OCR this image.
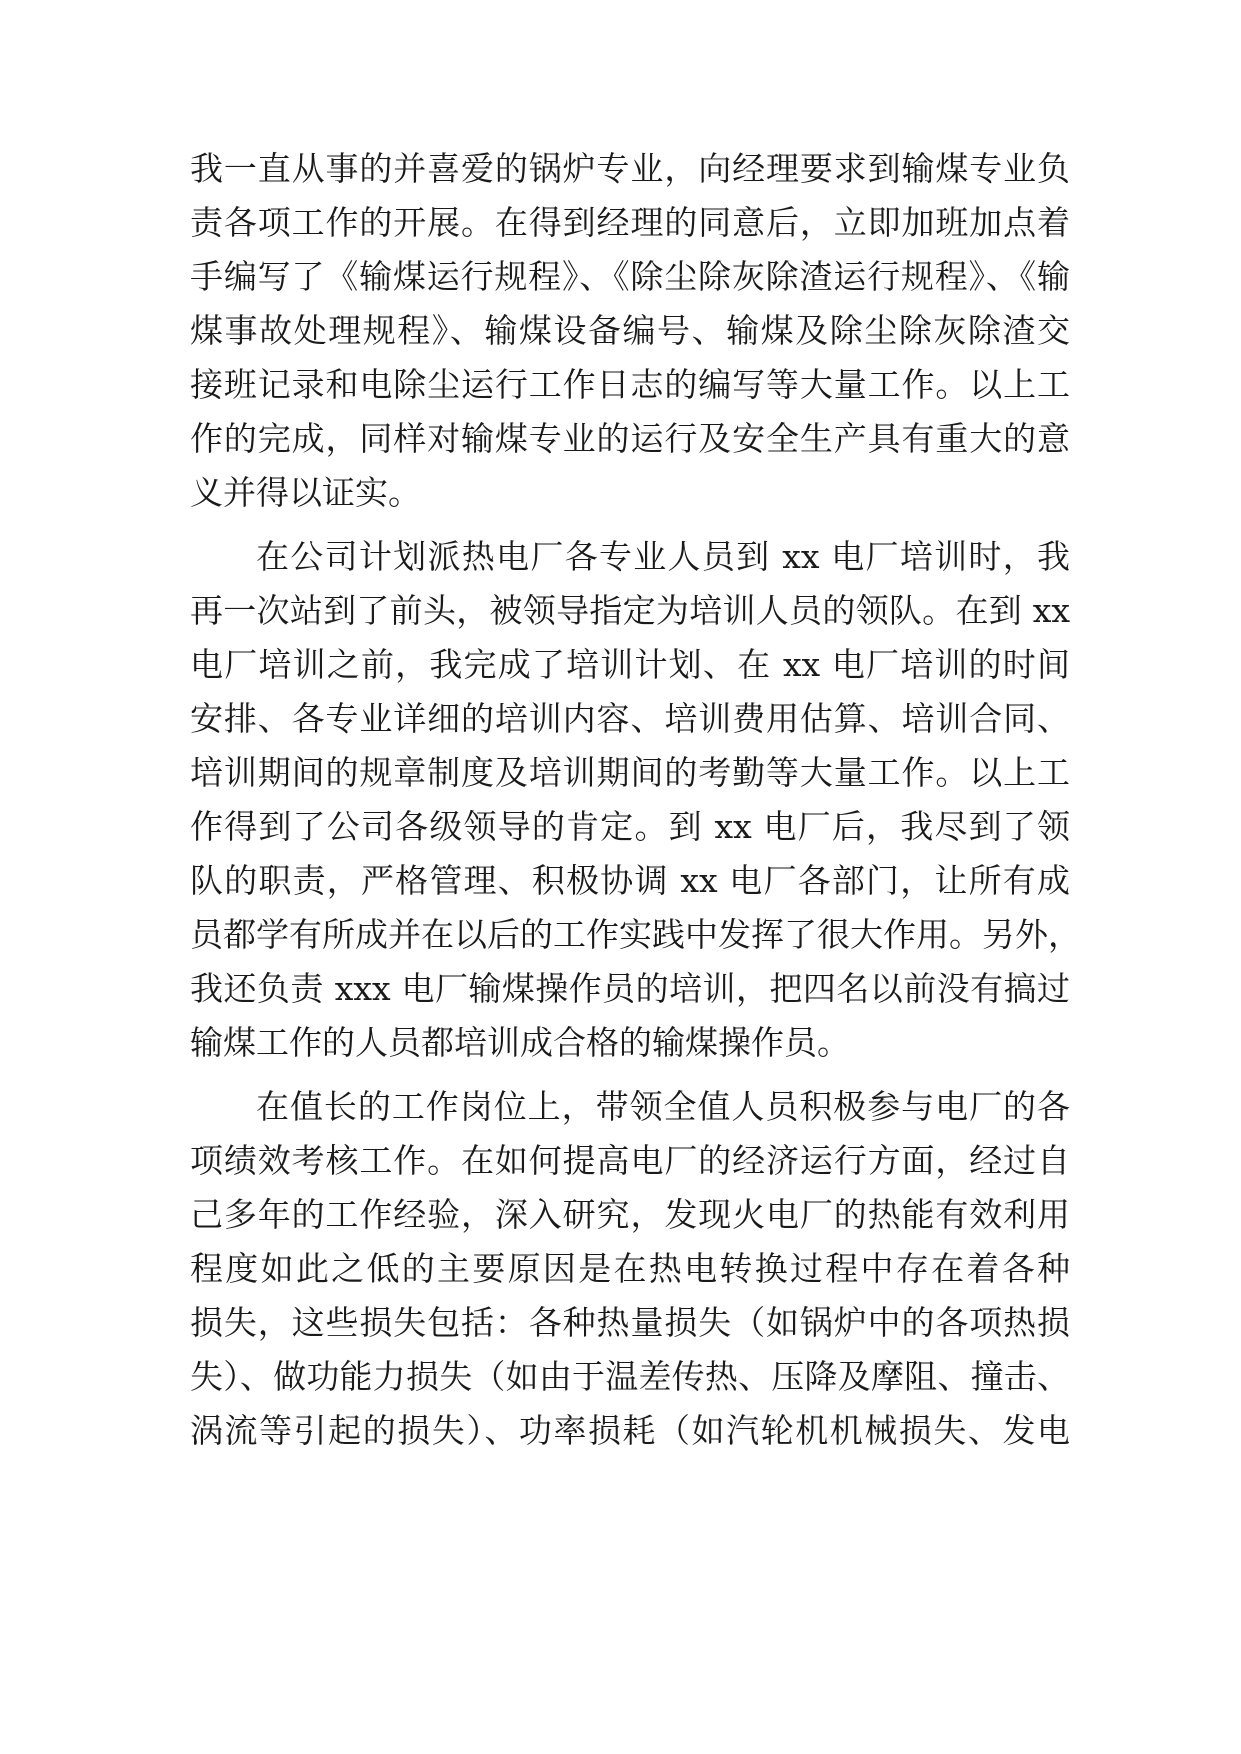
我一直从事的并喜爱的锅炉专业，向经理要求到输煤专业负
责各项工作的开展。在得到经理的同意后，立即加班加点着
手编写了《输煤运行规程》、《除尘除灰除渣运行规程》、《输
煤事故处理规程》、输煤设备编号、输煤及除尘除灰除渣交
接班记录和电除尘运行工作日志的编写等大量工作。以上工
作的完成，同样对输煤专业的运行及安全生产具有重大的意
义并得以证实。
在公司计划派热电厂各专业人员到 xx 电厂培训时，我
再一次站到了前头，被领导指定为培训人员的领队。在到 xx
电厂培训之前，我完成了培训计划、在 xx 电厂培训的时间
安排、各专业详细的培训内容、培训费用估算、培训合同、
培训期间的规章制度及培训期间的考勤等大量工作。以上工
作得到了公司各级领导的肯定。到 xx 电厂后，我尽到了领
队的职责，严格管理、积极协调 xx 电厂各部门，让所有成
员都学有所成并在以后的工作实践中发挥了很大作用。另外，
我还负责 xxx 电厂输煤操作员的培训，把四名以前没有搞过
输煤工作的人员都培训成合格的输煤操作员。
在值长的工作岗位上，带领全值人员积极参与电厂的各
项绩效考核工作。在如何提高电厂的经济运行方面，经过自
己多年的工作经验，深入研究，发现火电厂的热能有效利用
程度如此之低的主要原因是在热电转换过程中存在着各种
损失，这些损失包括：各种热量损失（如锅炉中的各项热损
失）、做功能力损失（如由于温差传热、压降及摩阻、撞击、
涡流等引起的损失）、功率损耗（如汽轮机机械损失、发电
